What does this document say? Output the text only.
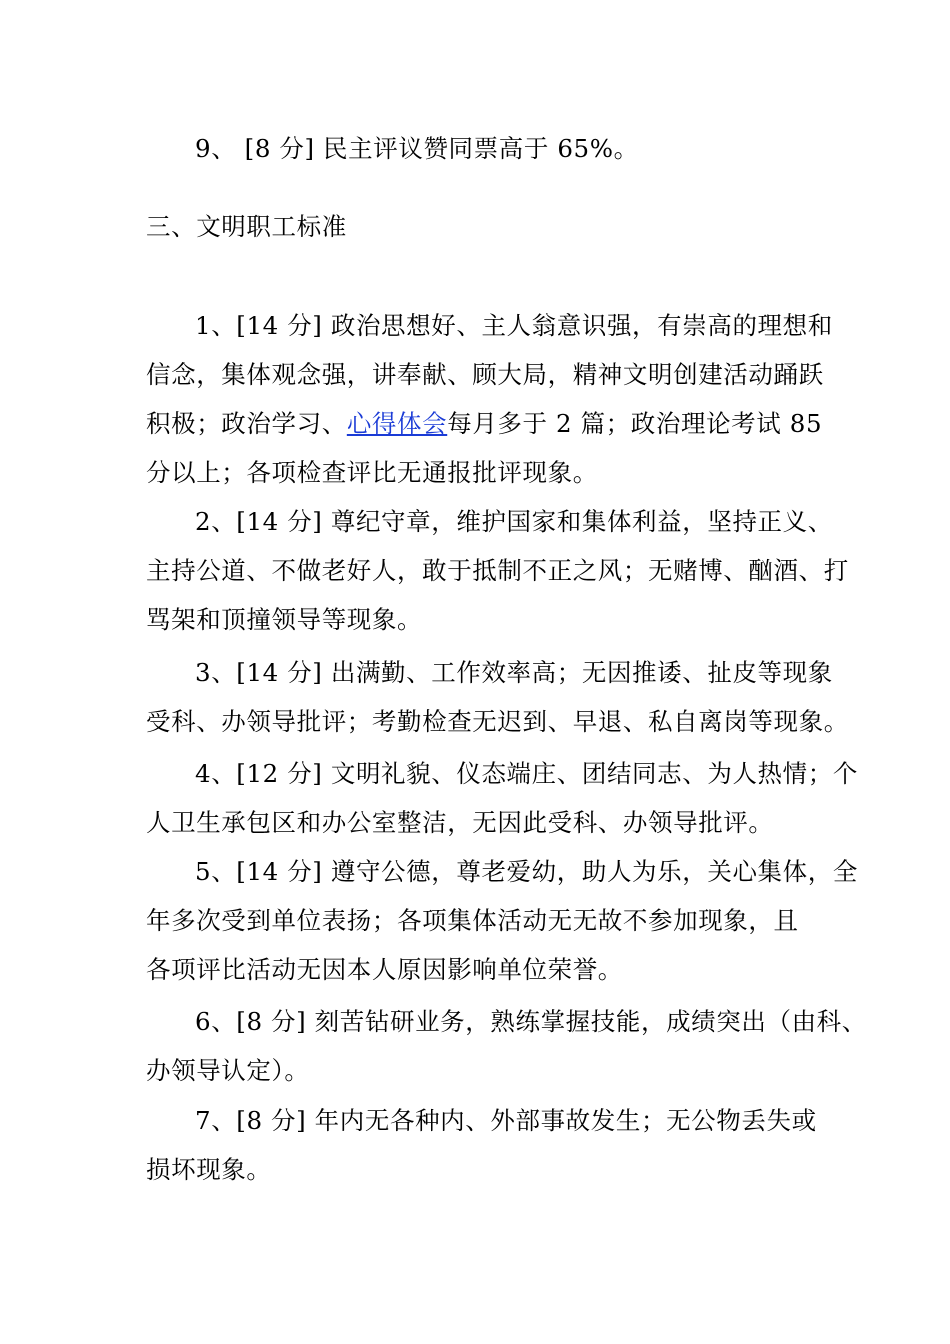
9、 [8 分] 民主评议赞同票高于 65%。

三、文明职工标准

1、[14 分] 政治思想好、主人翁意识强，有崇高的理想和
信念，集体观念强，讲奉献、顾大局，精神文明创建活动踊跃
积极；政治学习、心得体会每月多于 2 篇；政治理论考试 85
分以上；各项检查评比无通报批评现象。

2、[14 分] 尊纪守章，维护国家和集体利益，坚持正义、
主持公道、不做老好人，敢于抵制不正之风；无赌博、酗酒、打
骂架和顶撞领导等现象。

3、[14 分] 出满勤、工作效率高；无因推诿、扯皮等现象
受科、办领导批评；考勤检查无迟到、早退、私自离岗等现象。

4、[12 分] 文明礼貌、仪态端庄、团结同志、为人热情；个
人卫生承包区和办公室整洁，无因此受科、办领导批评。

5、[14 分] 遵守公德，尊老爱幼，助人为乐，关心集体，全
年多次受到单位表扬；各项集体活动无无故不参加现象，且
各项评比活动无因本人原因影响单位荣誉。

6、[8 分] 刻苦钻研业务，熟练掌握技能，成绩突出（由科、
办领导认定）。

7、[8 分] 年内无各种内、外部事故发生；无公物丢失或
损坏现象。
